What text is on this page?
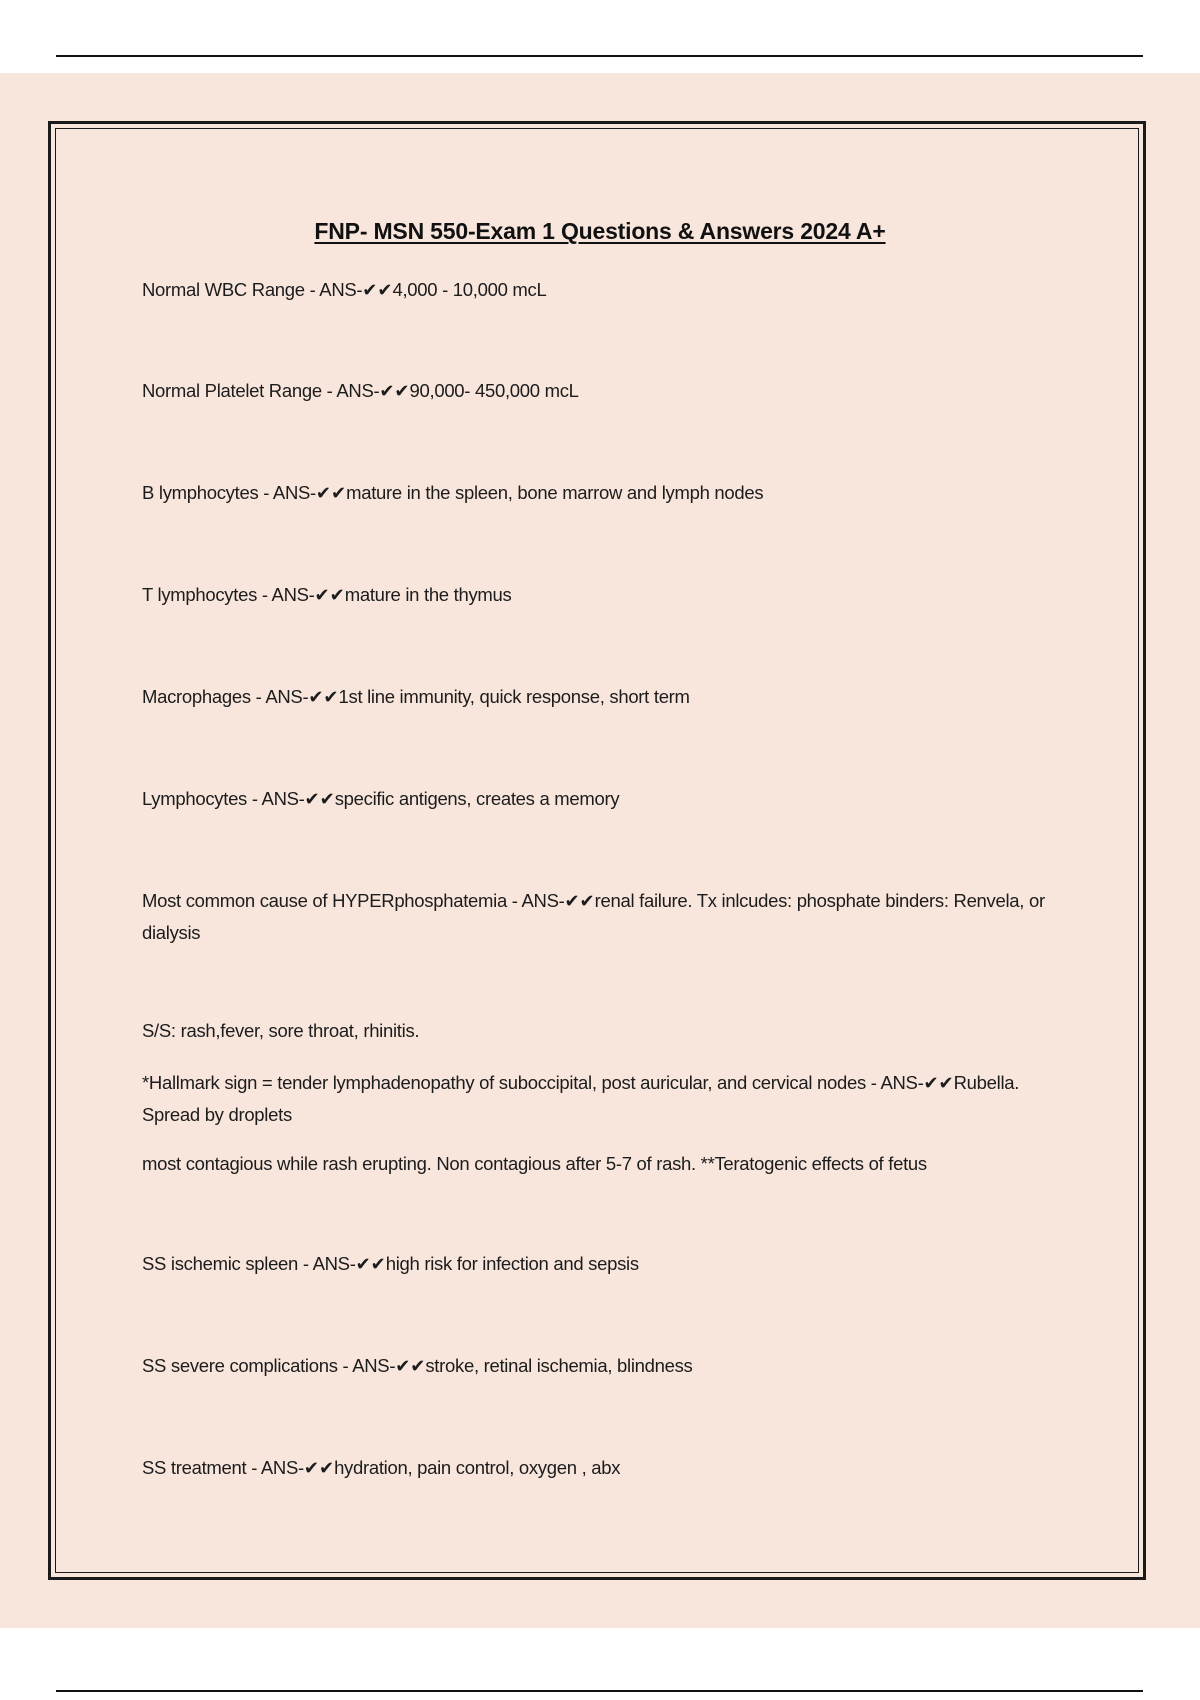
FNP- MSN 550-Exam 1 Questions & Answers 2024 A+
Normal WBC Range - ANS-✔✔4,000 - 10,000 mcL
Normal Platelet Range - ANS-✔✔90,000- 450,000 mcL
B lymphocytes - ANS-✔✔mature in the spleen, bone marrow and lymph nodes
T lymphocytes - ANS-✔✔mature in the thymus
Macrophages - ANS-✔✔1st line immunity, quick response, short term
Lymphocytes - ANS-✔✔specific antigens, creates a memory
Most common cause of HYPERphosphatemia - ANS-✔✔renal failure. Tx inlcudes: phosphate binders: Renvela, or dialysis
S/S: rash,fever, sore throat, rhinitis.
*Hallmark sign = tender lymphadenopathy of suboccipital, post auricular, and cervical nodes - ANS-✔✔Rubella. Spread by droplets
most contagious while rash erupting. Non contagious after 5-7 of rash. **Teratogenic effects of fetus
SS ischemic spleen - ANS-✔✔high risk for infection and sepsis
SS severe complications - ANS-✔✔stroke, retinal ischemia, blindness
SS treatment - ANS-✔✔hydration, pain control, oxygen , abx
